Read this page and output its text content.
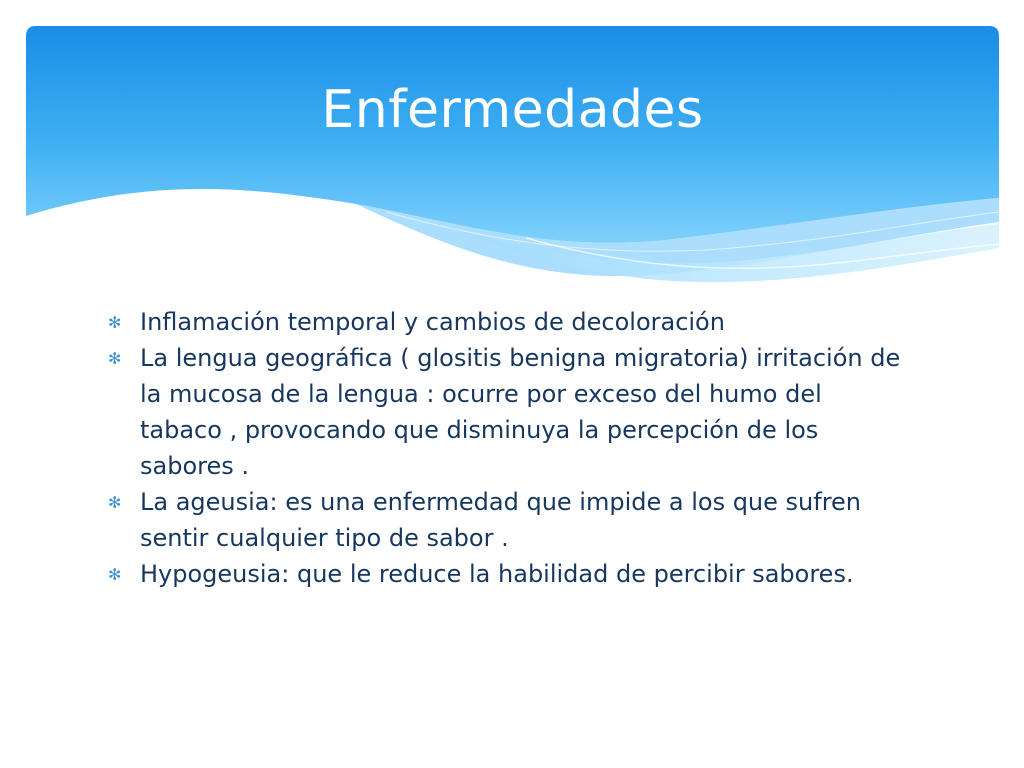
Enfermedades
✻ Inflamación temporal y cambios de decoloración
✻ La lengua geográfica ( glositis benigna migratoria) irritación de la mucosa de la lengua : ocurre por exceso del humo del tabaco , provocando que disminuya la percepción de los sabores .
✻ La ageusia: es una enfermedad que impide a los que sufren sentir cualquier tipo de sabor .
✻ Hypogeusia: que le reduce la habilidad de percibir sabores.
